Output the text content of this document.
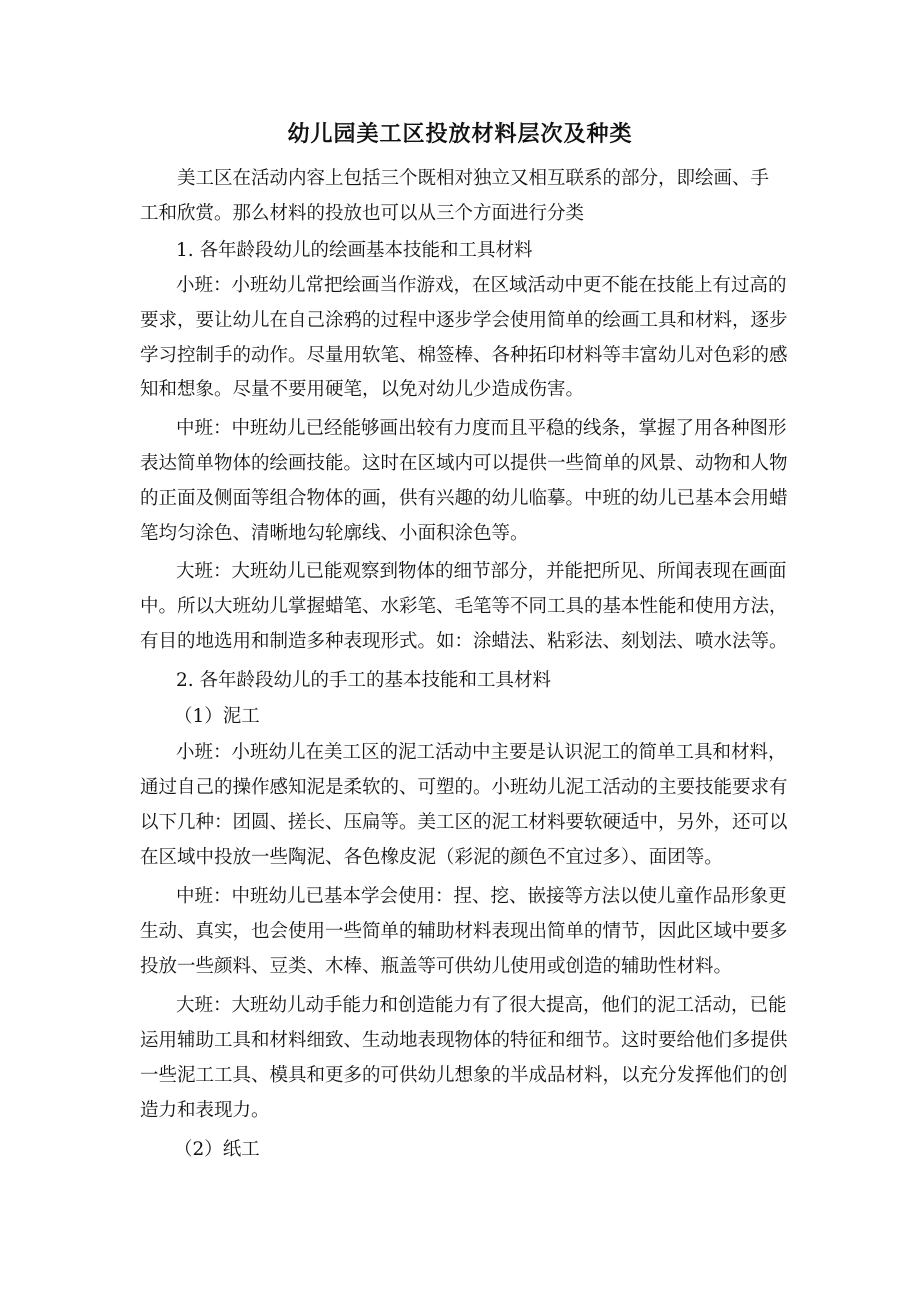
幼儿园美工区投放材料层次及种类
美工区在活动内容上包括三个既相对独立又相互联系的部分，即绘画、手
工和欣赏。那么材料的投放也可以从三个方面进行分类
1. 各年龄段幼儿的绘画基本技能和工具材料
小班：小班幼儿常把绘画当作游戏，在区域活动中更不能在技能上有过高的
要求，要让幼儿在自己涂鸦的过程中逐步学会使用简单的绘画工具和材料，逐步
学习控制手的动作。尽量用软笔、棉签棒、各种拓印材料等丰富幼儿对色彩的感
知和想象。尽量不要用硬笔，以免对幼儿少造成伤害。
中班：中班幼儿已经能够画出较有力度而且平稳的线条，掌握了用各种图形
表达简单物体的绘画技能。这时在区域内可以提供一些简单的风景、动物和人物
的正面及侧面等组合物体的画，供有兴趣的幼儿临摹。中班的幼儿已基本会用蜡
笔均匀涂色、清晰地勾轮廓线、小面积涂色等。
大班：大班幼儿已能观察到物体的细节部分，并能把所见、所闻表现在画面
中。所以大班幼儿掌握蜡笔、水彩笔、毛笔等不同工具的基本性能和使用方法，
有目的地选用和制造多种表现形式。如：涂蜡法、粘彩法、刻划法、喷水法等。
2. 各年龄段幼儿的手工的基本技能和工具材料
（1）泥工
小班：小班幼儿在美工区的泥工活动中主要是认识泥工的简单工具和材料，
通过自己的操作感知泥是柔软的、可塑的。小班幼儿泥工活动的主要技能要求有
以下几种：团圆、搓长、压扁等。美工区的泥工材料要软硬适中，另外，还可以
在区域中投放一些陶泥、各色橡皮泥（彩泥的颜色不宜过多）、面团等。
中班：中班幼儿已基本学会使用：捏、挖、嵌接等方法以使儿童作品形象更
生动、真实，也会使用一些简单的辅助材料表现出简单的情节，因此区域中要多
投放一些颜料、豆类、木棒、瓶盖等可供幼儿使用或创造的辅助性材料。
大班：大班幼儿动手能力和创造能力有了很大提高，他们的泥工活动，已能
运用辅助工具和材料细致、生动地表现物体的特征和细节。这时要给他们多提供
一些泥工工具、模具和更多的可供幼儿想象的半成品材料，以充分发挥他们的创
造力和表现力。
（2）纸工
